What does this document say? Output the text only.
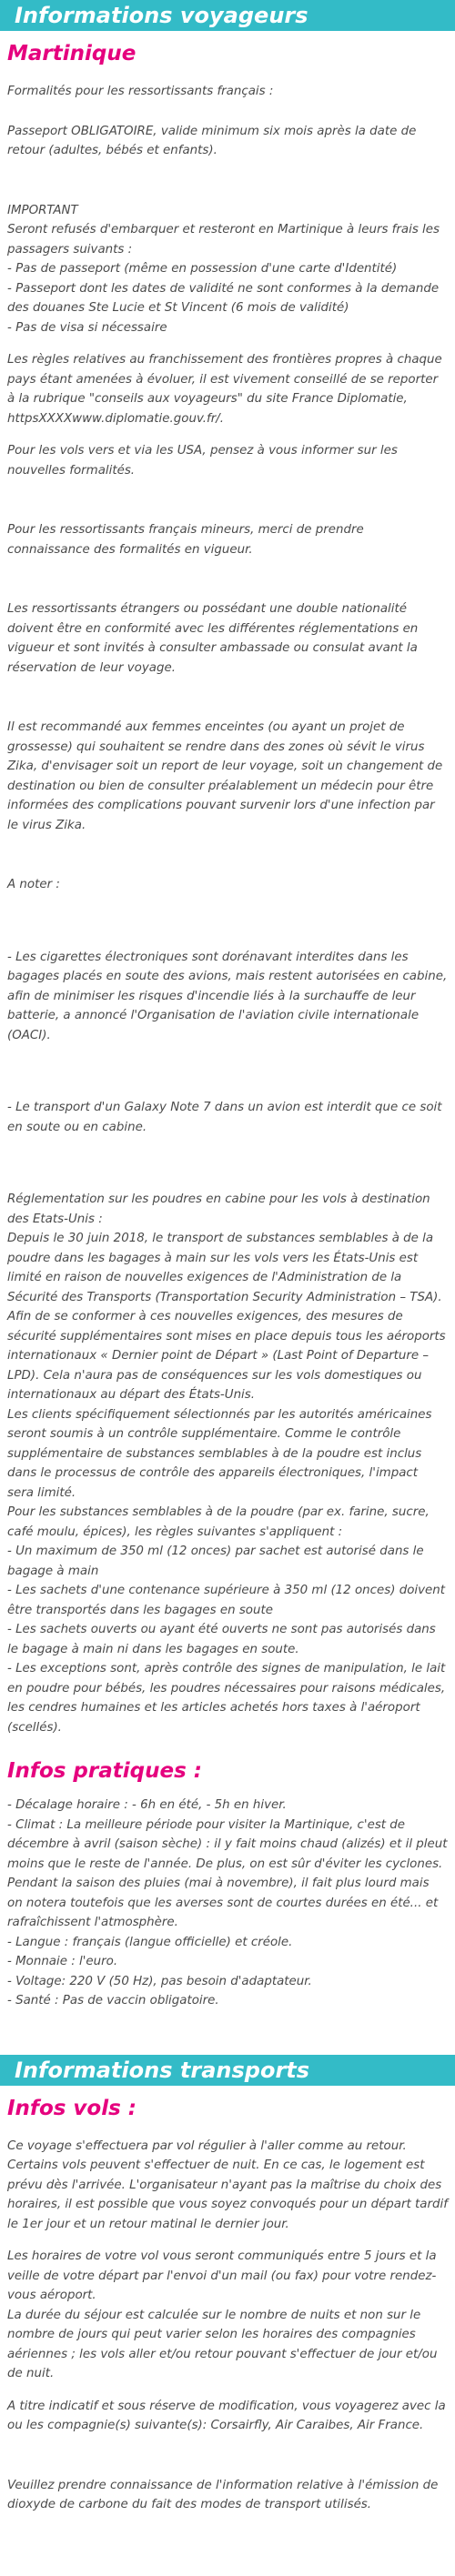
Informations voyageurs
Martinique

Formalités pour les ressortissants français :

Passeport OBLIGATOIRE, valide minimum six mois après la date de retour (adultes, bébés et enfants).

IMPORTANT
Seront refusés d'embarquer et resteront en Martinique à leurs frais les passagers suivants :
- Pas de passeport (même en possession d'une carte d'Identité)
- Passeport dont les dates de validité ne sont conformes à la demande des douanes Ste Lucie et St Vincent (6 mois de validité)
- Pas de visa si nécessaire

Les règles relatives au franchissement des frontières propres à chaque pays étant amenées à évoluer, il est vivement conseillé de se reporter à la rubrique "conseils aux voyageurs" du site France Diplomatie, httpsXXXXwww.diplomatie.gouv.fr/.

Pour les vols vers et via les USA, pensez à vous informer sur les nouvelles formalités.

Pour les ressortissants français mineurs, merci de prendre connaissance des formalités en vigueur.

Les ressortissants étrangers ou possédant une double nationalité doivent être en conformité avec les différentes réglementations en vigueur et sont invités à consulter ambassade ou consulat avant la réservation de leur voyage.

Il est recommandé aux femmes enceintes (ou ayant un projet de grossesse) qui souhaitent se rendre dans des zones où sévit le virus Zika, d'envisager soit un report de leur voyage, soit un changement de destination ou bien de consulter préalablement un médecin pour être informées des complications pouvant survenir lors d'une infection par le virus Zika.

A noter :

- Les cigarettes électroniques sont dorénavant interdites dans les bagages placés en soute des avions, mais restent autorisées en cabine, afin de minimiser les risques d'incendie liés à la surchauffe de leur batterie, a annoncé l'Organisation de l'aviation civile internationale (OACI).

- Le transport d'un Galaxy Note 7 dans un avion est interdit que ce soit en soute ou en cabine.

Réglementation sur les poudres en cabine pour les vols à destination des Etats-Unis :
Depuis le 30 juin 2018, le transport de substances semblables à de la poudre dans les bagages à main sur les vols vers les États-Unis est limité en raison de nouvelles exigences de l'Administration de la Sécurité des Transports (Transportation Security Administration – TSA).
Afin de se conformer à ces nouvelles exigences, des mesures de sécurité supplémentaires sont mises en place depuis tous les aéroports internationaux « Dernier point de Départ » (Last Point of Departure – LPD). Cela n'aura pas de conséquences sur les vols domestiques ou internationaux au départ des États-Unis.
Les clients spécifiquement sélectionnés par les autorités américaines seront soumis à un contrôle supplémentaire. Comme le contrôle supplémentaire de substances semblables à de la poudre est inclus dans le processus de contrôle des appareils électroniques, l'impact sera limité.
Pour les substances semblables à de la poudre (par ex. farine, sucre, café moulu, épices), les règles suivantes s'appliquent :
- Un maximum de 350 ml (12 onces) par sachet est autorisé dans le bagage à main
- Les sachets d'une contenance supérieure à 350 ml (12 onces) doivent être transportés dans les bagages en soute
- Les sachets ouverts ou ayant été ouverts ne sont pas autorisés dans le bagage à main ni dans les bagages en soute.
- Les exceptions sont, après contrôle des signes de manipulation, le lait en poudre pour bébés, les poudres nécessaires pour raisons médicales, les cendres humaines et les articles achetés hors taxes à l'aéroport (scellés).

Infos pratiques :

- Décalage horaire : - 6h en été, - 5h en hiver.
- Climat : La meilleure période pour visiter la Martinique, c'est de décembre à avril (saison sèche) : il y fait moins chaud (alizés) et il pleut moins que le reste de l'année. De plus, on est sûr d'éviter les cyclones. Pendant la saison des pluies (mai à novembre), il fait plus lourd mais on notera toutefois que les averses sont de courtes durées en été... et rafraîchissent l'atmosphère.
- Langue : français (langue officielle) et créole.
- Monnaie : l'euro.
- Voltage: 220 V (50 Hz), pas besoin d'adaptateur.
- Santé : Pas de vaccin obligatoire.

Informations transports
Infos vols :

Ce voyage s'effectuera par vol régulier à l'aller comme au retour. Certains vols peuvent s'effectuer de nuit. En ce cas, le logement est prévu dès l'arrivée. L'organisateur n'ayant pas la maîtrise du choix des horaires, il est possible que vous soyez convoqués pour un départ tardif le 1er jour et un retour matinal le dernier jour.

Les horaires de votre vol vous seront communiqués entre 5 jours et la veille de votre départ par l'envoi d'un mail (ou fax) pour votre rendez-vous aéroport.
La durée du séjour est calculée sur le nombre de nuits et non sur le nombre de jours qui peut varier selon les horaires des compagnies aériennes ; les vols aller et/ou retour pouvant s'effectuer de jour et/ou de nuit.

A titre indicatif et sous réserve de modification, vous voyagerez avec la ou les compagnie(s) suivante(s): Corsairfly, Air Caraibes, Air France.

Veuillez prendre connaissance de l'information relative à l'émission de dioxyde de carbone du fait des modes de transport utilisés.
